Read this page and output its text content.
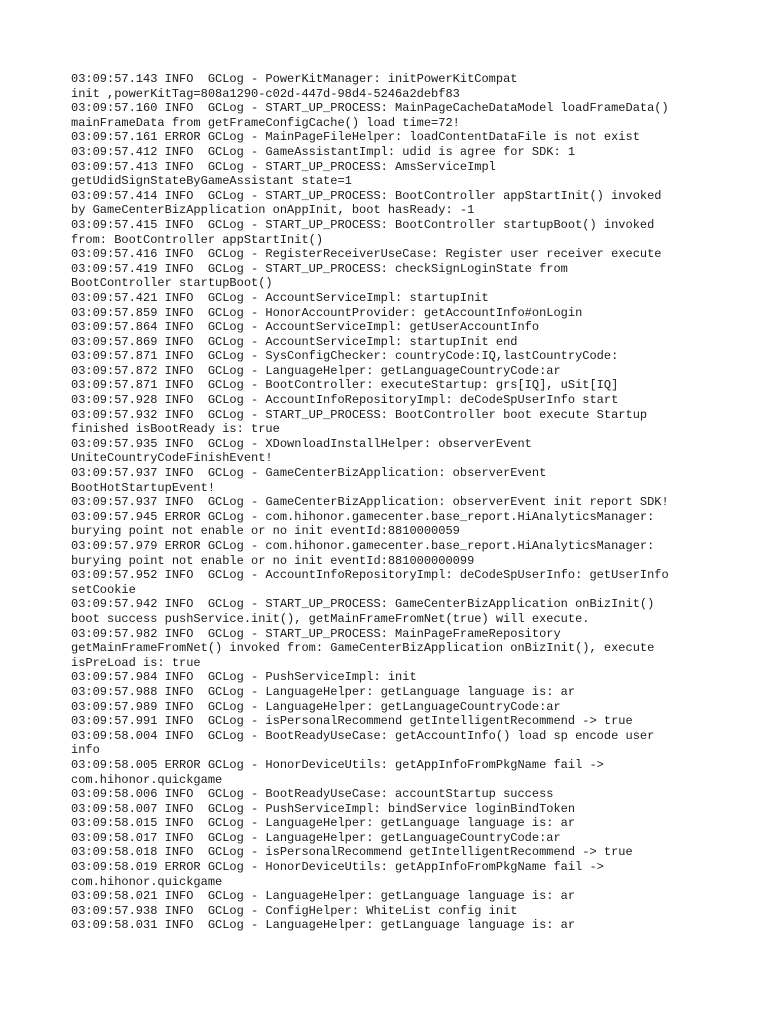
03:09:57.143 INFO  GCLog - PowerKitManager: initPowerKitCompat
init ,powerKitTag=808a1290-c02d-447d-98d4-5246a2debf83
03:09:57.160 INFO  GCLog - START_UP_PROCESS: MainPageCacheDataModel loadFrameData()
mainFrameData from getFrameConfigCache() load time=72!
03:09:57.161 ERROR GCLog - MainPageFileHelper: loadContentDataFile is not exist
03:09:57.412 INFO  GCLog - GameAssistantImpl: udid is agree for SDK: 1
03:09:57.413 INFO  GCLog - START_UP_PROCESS: AmsServiceImpl
getUdidSignStateByGameAssistant state=1
03:09:57.414 INFO  GCLog - START_UP_PROCESS: BootController appStartInit() invoked
by GameCenterBizApplication onAppInit, boot hasReady: -1
03:09:57.415 INFO  GCLog - START_UP_PROCESS: BootController startupBoot() invoked
from: BootController appStartInit()
03:09:57.416 INFO  GCLog - RegisterReceiverUseCase: Register user receiver execute
03:09:57.419 INFO  GCLog - START_UP_PROCESS: checkSignLoginState from
BootController startupBoot()
03:09:57.421 INFO  GCLog - AccountServiceImpl: startupInit
03:09:57.859 INFO  GCLog - HonorAccountProvider: getAccountInfo#onLogin
03:09:57.864 INFO  GCLog - AccountServiceImpl: getUserAccountInfo
03:09:57.869 INFO  GCLog - AccountServiceImpl: startupInit end
03:09:57.871 INFO  GCLog - SysConfigChecker: countryCode:IQ,lastCountryCode:
03:09:57.872 INFO  GCLog - LanguageHelper: getLanguageCountryCode:ar
03:09:57.871 INFO  GCLog - BootController: executeStartup: grs[IQ], uSit[IQ]
03:09:57.928 INFO  GCLog - AccountInfoRepositoryImpl: deCodeSpUserInfo start
03:09:57.932 INFO  GCLog - START_UP_PROCESS: BootController boot execute Startup
finished isBootReady is: true
03:09:57.935 INFO  GCLog - XDownloadInstallHelper: observerEvent
UniteCountryCodeFinishEvent!
03:09:57.937 INFO  GCLog - GameCenterBizApplication: observerEvent
BootHotStartupEvent!
03:09:57.937 INFO  GCLog - GameCenterBizApplication: observerEvent init report SDK!
03:09:57.945 ERROR GCLog - com.hihonor.gamecenter.base_report.HiAnalyticsManager:
burying point not enable or no init eventId:8810000059
03:09:57.979 ERROR GCLog - com.hihonor.gamecenter.base_report.HiAnalyticsManager:
burying point not enable or no init eventId:881000000099
03:09:57.952 INFO  GCLog - AccountInfoRepositoryImpl: deCodeSpUserInfo: getUserInfo
setCookie
03:09:57.942 INFO  GCLog - START_UP_PROCESS: GameCenterBizApplication onBizInit()
boot success pushService.init(), getMainFrameFromNet(true) will execute.
03:09:57.982 INFO  GCLog - START_UP_PROCESS: MainPageFrameRepository
getMainFrameFromNet() invoked from: GameCenterBizApplication onBizInit(), execute
isPreLoad is: true
03:09:57.984 INFO  GCLog - PushServiceImpl: init
03:09:57.988 INFO  GCLog - LanguageHelper: getLanguage language is: ar
03:09:57.989 INFO  GCLog - LanguageHelper: getLanguageCountryCode:ar
03:09:57.991 INFO  GCLog - isPersonalRecommend getIntelligentRecommend -> true
03:09:58.004 INFO  GCLog - BootReadyUseCase: getAccountInfo() load sp encode user
info
03:09:58.005 ERROR GCLog - HonorDeviceUtils: getAppInfoFromPkgName fail ->
com.hihonor.quickgame
03:09:58.006 INFO  GCLog - BootReadyUseCase: accountStartup success
03:09:58.007 INFO  GCLog - PushServiceImpl: bindService loginBindToken
03:09:58.015 INFO  GCLog - LanguageHelper: getLanguage language is: ar
03:09:58.017 INFO  GCLog - LanguageHelper: getLanguageCountryCode:ar
03:09:58.018 INFO  GCLog - isPersonalRecommend getIntelligentRecommend -> true
03:09:58.019 ERROR GCLog - HonorDeviceUtils: getAppInfoFromPkgName fail ->
com.hihonor.quickgame
03:09:58.021 INFO  GCLog - LanguageHelper: getLanguage language is: ar
03:09:57.938 INFO  GCLog - ConfigHelper: WhiteList config init
03:09:58.031 INFO  GCLog - LanguageHelper: getLanguage language is: ar
